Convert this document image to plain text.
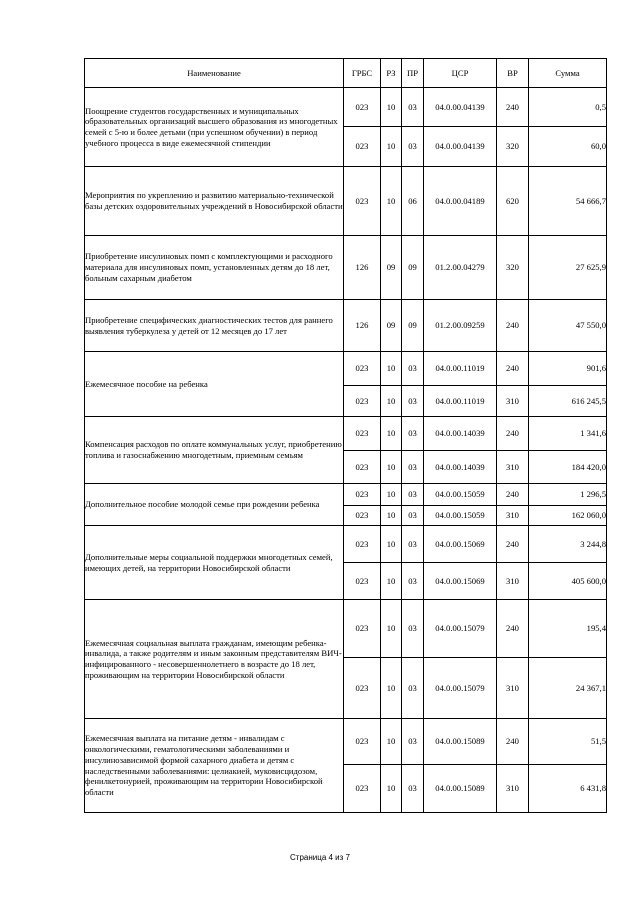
Наименование	ГРБС	РЗ	ПР	ЦСР	ВР	Сумма
Поощрение студентов государственных и муниципальных образовательных организаций высшего образования из многодетных семей с 5-ю и более детьми (при успешном обучении) в период учебного процесса в виде ежемесячной стипендии	023	10	03	04.0.00.04139	240	0,5
	023	10	03	04.0.00.04139	320	60,0
Мероприятия по укреплению и развитию материально-технической базы детских оздоровительных учреждений в Новосибирской области	023	10	06	04.0.00.04189	620	54 666,7
Приобретение инсулиновых помп с комплектующими и расходного материала для инсулиновых помп, установленных детям до 18 лет, больным сахарным диабетом	126	09	09	01.2.00.04279	320	27 625,9
Приобретение специфических диагностических тестов для раннего выявления туберкулеза у детей от 12 месяцев до 17 лет	126	09	09	01.2.00.09259	240	47 550,0
Ежемесячное пособие на ребенка	023	10	03	04.0.00.11019	240	901,6
	023	10	03	04.0.00.11019	310	616 245,5
Компенсация расходов по оплате коммунальных услуг, приобретению топлива и газоснабжению многодетным, приемным семьям	023	10	03	04.0.00.14039	240	1 341,6
	023	10	03	04.0.00.14039	310	184 420,0
Дополнительное пособие молодой семье при рождении ребенка	023	10	03	04.0.00.15059	240	1 296,5
	023	10	03	04.0.00.15059	310	162 060,0
Дополнительные меры социальной поддержки многодетных семей, имеющих детей, на территории Новосибирской области	023	10	03	04.0.00.15069	240	3 244,8
	023	10	03	04.0.00.15069	310	405 600,0
Ежемесячная социальная выплата гражданам, имеющим ребенка-инвалида, а также родителям и иным законным представителям ВИЧ-инфицированного - несовершеннолетнего в возрасте до 18 лет, проживающим на территории Новосибирской области	023	10	03	04.0.00.15079	240	195,4
	023	10	03	04.0.00.15079	310	24 367,1
Ежемесячная выплата на питание детям - инвалидам с онкологическими, гематологическими заболеваниями и инсулинозависимой формой сахарного диабета и детям с наследственными заболеваниями: целиакией, муковисцидозом, фенилкетонурией, проживающим на территории Новосибирской области	023	10	03	04.0.00.15089	240	51,5
	023	10	03	04.0.00.15089	310	6 431,8
Страница 4 из 7
